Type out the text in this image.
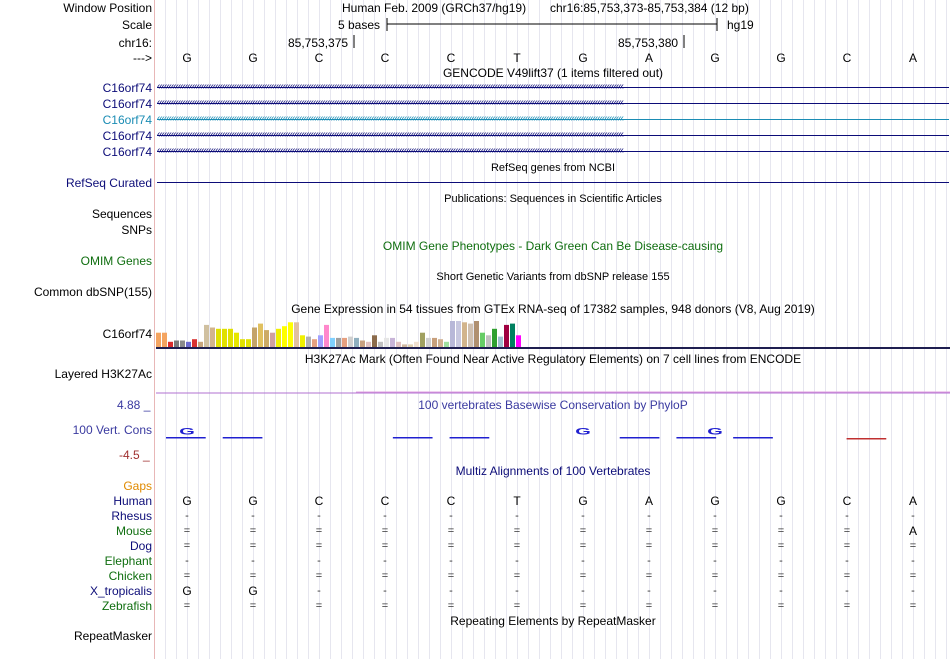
Window Position
Scale
chr16:
--->
Human Feb. 2009 (GRCh37/hg19) chr16:85,753,373-85,753,384 (12 bp)
5 bases	hg19
85,753,375	85,753,380
G	G	C	C	C	T	G	A	G	G	C	A
GENCODE V49lift37 (1 items filtered out)
C16orf74 ‹‹‹‹‹‹‹‹‹‹‹‹‹‹‹‹‹‹‹‹‹‹‹‹‹‹‹‹‹‹‹‹‹‹‹‹‹‹‹‹‹‹‹‹‹‹‹‹‹‹‹‹‹‹‹‹‹‹‹‹‹‹‹‹‹‹‹‹‹‹‹‹‹‹‹‹‹‹‹‹‹‹‹‹‹‹‹‹‹‹‹‹‹‹‹‹‹‹‹‹‹‹‹‹‹‹‹‹‹‹‹‹‹‹‹‹‹‹‹‹‹‹‹‹‹‹‹‹‹‹‹‹‹‹‹‹‹‹‹‹‹‹‹‹‹‹‹‹‹‹‹‹‹‹‹‹‹‹‹‹‹‹‹‹‹‹‹‹‹‹‹‹‹‹‹‹‹‹‹‹‹‹‹‹‹‹‹‹‹‹‹‹‹‹‹‹‹‹‹‹
C16orf74 ‹‹‹‹‹‹‹‹‹‹‹‹‹‹‹‹‹‹‹‹‹‹‹‹‹‹‹‹‹‹‹‹‹‹‹‹‹‹‹‹‹‹‹‹‹‹‹‹‹‹‹‹‹‹‹‹‹‹‹‹‹‹‹‹‹‹‹‹‹‹‹‹‹‹‹‹‹‹‹‹‹‹‹‹‹‹‹‹‹‹‹‹‹‹‹‹‹‹‹‹‹‹‹‹‹‹‹‹‹‹‹‹‹‹‹‹‹‹‹‹‹‹‹‹‹‹‹‹‹‹‹‹‹‹‹‹‹‹‹‹‹‹‹‹‹‹‹‹‹‹‹‹‹‹‹‹‹‹‹‹‹‹‹‹‹‹‹‹‹‹‹‹‹‹‹‹‹‹‹‹‹‹‹‹‹‹‹‹‹‹‹‹‹‹‹‹‹‹‹‹
C16orf74 ‹‹‹‹‹‹‹‹‹‹‹‹‹‹‹‹‹‹‹‹‹‹‹‹‹‹‹‹‹‹‹‹‹‹‹‹‹‹‹‹‹‹‹‹‹‹‹‹‹‹‹‹‹‹‹‹‹‹‹‹‹‹‹‹‹‹‹‹‹‹‹‹‹‹‹‹‹‹‹‹‹‹‹‹‹‹‹‹‹‹‹‹‹‹‹‹‹‹‹‹‹‹‹‹‹‹‹‹‹‹‹‹‹‹‹‹‹‹‹‹‹‹‹‹‹‹‹‹‹‹‹‹‹‹‹‹‹‹‹‹‹‹‹‹‹‹‹‹‹‹‹‹‹‹‹‹‹‹‹‹‹‹‹‹‹‹‹‹‹‹‹‹‹‹‹‹‹‹‹‹‹‹‹‹‹‹‹‹‹‹‹‹‹‹‹‹‹‹‹‹
C16orf74 ‹‹‹‹‹‹‹‹‹‹‹‹‹‹‹‹‹‹‹‹‹‹‹‹‹‹‹‹‹‹‹‹‹‹‹‹‹‹‹‹‹‹‹‹‹‹‹‹‹‹‹‹‹‹‹‹‹‹‹‹‹‹‹‹‹‹‹‹‹‹‹‹‹‹‹‹‹‹‹‹‹‹‹‹‹‹‹‹‹‹‹‹‹‹‹‹‹‹‹‹‹‹‹‹‹‹‹‹‹‹‹‹‹‹‹‹‹‹‹‹‹‹‹‹‹‹‹‹‹‹‹‹‹‹‹‹‹‹‹‹‹‹‹‹‹‹‹‹‹‹‹‹‹‹‹‹‹‹‹‹‹‹‹‹‹‹‹‹‹‹‹‹‹‹‹‹‹‹‹‹‹‹‹‹‹‹‹‹‹‹‹‹‹‹‹‹‹‹‹‹
C16orf74 ‹‹‹‹‹‹‹‹‹‹‹‹‹‹‹‹‹‹‹‹‹‹‹‹‹‹‹‹‹‹‹‹‹‹‹‹‹‹‹‹‹‹‹‹‹‹‹‹‹‹‹‹‹‹‹‹‹‹‹‹‹‹‹‹‹‹‹‹‹‹‹‹‹‹‹‹‹‹‹‹‹‹‹‹‹‹‹‹‹‹‹‹‹‹‹‹‹‹‹‹‹‹‹‹‹‹‹‹‹‹‹‹‹‹‹‹‹‹‹‹‹‹‹‹‹‹‹‹‹‹‹‹‹‹‹‹‹‹‹‹‹‹‹‹‹‹‹‹‹‹‹‹‹‹‹‹‹‹‹‹‹‹‹‹‹‹‹‹‹‹‹‹‹‹‹‹‹‹‹‹‹‹‹‹‹‹‹‹‹‹‹‹‹‹‹‹‹‹‹‹
RefSeq genes from NCBI
RefSeq Curated
Publications: Sequences in Scientific Articles
Sequences
SNPs
OMIM Gene Phenotypes - Dark Green Can Be Disease-causing
OMIM Genes
Short Genetic Variants from dbSNP release 155
Common dbSNP(155)
Gene Expression in 54 tissues from GTEx RNA-seq of 17382 samples, 948 donors (V8, Aug 2019)
C16orf74
H3K27Ac Mark (Often Found Near Active Regulatory Elements) on 7 cell lines from ENCODE
Layered H3K27Ac
100 vertebrates Basewise Conservation by PhyloP
4.88 _
100 Vert. Cons
-4.5 _
G	G	G
Multiz Alignments of 100 Vertebrates
Gaps
Human	G	G	C	C	C	T	G	A	G	G	C	A
Rhesus	-	-	-	-	-	-	-	-	-	-	-	-
Mouse	=	=	=	=	=	=	=	=	=	=	=	A
Dog	=	=	=	=	=	=	=	=	=	=	=	=
Elephant	-	-	-	-	-	-	-	-	-	-	-	-
Chicken	=	=	=	=	=	=	=	=	=	=	=	=
X_tropicalis	G	G	-	-	-	-	-	-	-	-	-	-
Zebrafish	=	=	=	=	=	=	=	=	=	=	=	=
Repeating Elements by RepeatMasker
RepeatMasker
